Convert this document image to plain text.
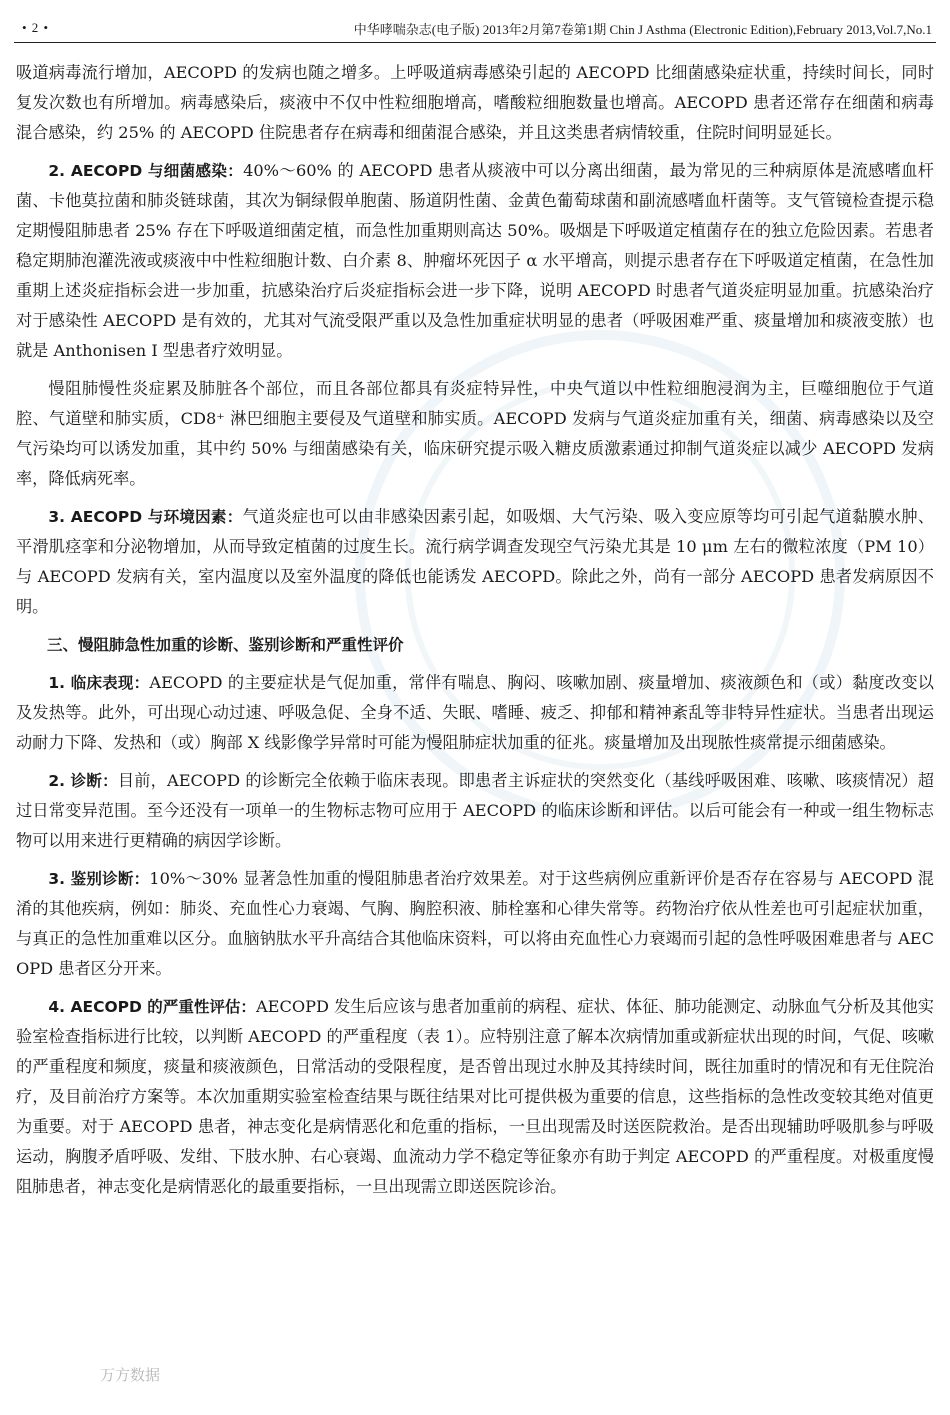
• 2 •	中华哮喘杂志(电子版) 2013年2月第7卷第1期 Chin J Asthma (Electronic Edition),February 2013,Vol.7,No.1

吸道病毒流行增加，AECOPD 的发病也随之增多。上呼吸道病毒感染引起的 AECOPD 比细菌感染症状重，持续时间长，同时复发次数也有所增加。病毒感染后，痰液中不仅中性粒细胞增高，嗜酸粒细胞数量也增高。AECOPD 患者还常存在细菌和病毒混合感染，约 25% 的 AECOPD 住院患者存在病毒和细菌混合感染，并且这类患者病情较重，住院时间明显延长。

2. AECOPD 与细菌感染：40%～60% 的 AECOPD 患者从痰液中可以分离出细菌，最为常见的三种病原体是流感嗜血杆菌、卡他莫拉菌和肺炎链球菌，其次为铜绿假单胞菌、肠道阴性菌、金黄色葡萄球菌和副流感嗜血杆菌等。支气管镜检查提示稳定期慢阻肺患者 25% 存在下呼吸道细菌定植，而急性加重期则高达 50%。吸烟是下呼吸道定植菌存在的独立危险因素。若患者稳定期肺泡灌洗液或痰液中中性粒细胞计数、白介素 8、肿瘤坏死因子 α 水平增高，则提示患者存在下呼吸道定植菌，在急性加重期上述炎症指标会进一步加重，抗感染治疗后炎症指标会进一步下降，说明 AECOPD 时患者气道炎症明显加重。抗感染治疗对于感染性 AECOPD 是有效的，尤其对气流受限严重以及急性加重症状明显的患者（呼吸困难严重、痰量增加和痰液变脓）也就是 Anthonisen Ⅰ 型患者疗效明显。

慢阻肺慢性炎症累及肺脏各个部位，而且各部位都具有炎症特异性，中央气道以中性粒细胞浸润为主，巨噬细胞位于气道腔、气道壁和肺实质，CD8⁺ 淋巴细胞主要侵及气道壁和肺实质。AECOPD 发病与气道炎症加重有关，细菌、病毒感染以及空气污染均可以诱发加重，其中约 50% 与细菌感染有关，临床研究提示吸入糖皮质激素通过抑制气道炎症以减少 AECOPD 发病率，降低病死率。

3. AECOPD 与环境因素：气道炎症也可以由非感染因素引起，如吸烟、大气污染、吸入变应原等均可引起气道黏膜水肿、平滑肌痉挛和分泌物增加，从而导致定植菌的过度生长。流行病学调查发现空气污染尤其是 10 μm 左右的微粒浓度（PM 10）与 AECOPD 发病有关，室内温度以及室外温度的降低也能诱发 AECOPD。除此之外，尚有一部分 AECOPD 患者发病原因不明。

三、慢阻肺急性加重的诊断、鉴别诊断和严重性评价

1. 临床表现：AECOPD 的主要症状是气促加重，常伴有喘息、胸闷、咳嗽加剧、痰量增加、痰液颜色和（或）黏度改变以及发热等。此外，可出现心动过速、呼吸急促、全身不适、失眠、嗜睡、疲乏、抑郁和精神紊乱等非特异性症状。当患者出现运动耐力下降、发热和（或）胸部 X 线影像学异常时可能为慢阻肺症状加重的征兆。痰量增加及出现脓性痰常提示细菌感染。

2. 诊断：目前，AECOPD 的诊断完全依赖于临床表现。即患者主诉症状的突然变化（基线呼吸困难、咳嗽、咳痰情况）超过日常变异范围。至今还没有一项单一的生物标志物可应用于 AECOPD 的临床诊断和评估。以后可能会有一种或一组生物标志物可以用来进行更精确的病因学诊断。

3. 鉴别诊断：10%～30% 显著急性加重的慢阻肺患者治疗效果差。对于这些病例应重新评价是否存在容易与 AECOPD 混淆的其他疾病，例如：肺炎、充血性心力衰竭、气胸、胸腔积液、肺栓塞和心律失常等。药物治疗依从性差也可引起症状加重，与真正的急性加重难以区分。血脑钠肽水平升高结合其他临床资料，可以将由充血性心力衰竭而引起的急性呼吸困难患者与 AECOPD 患者区分开来。

4. AECOPD 的严重性评估：AECOPD 发生后应该与患者加重前的病程、症状、体征、肺功能测定、动脉血气分析及其他实验室检查指标进行比较，以判断 AECOPD 的严重程度（表 1）。应特别注意了解本次病情加重或新症状出现的时间，气促、咳嗽的严重程度和频度，痰量和痰液颜色，日常活动的受限程度，是否曾出现过水肿及其持续时间，既往加重时的情况和有无住院治疗，及目前治疗方案等。本次加重期实验室检查结果与既往结果对比可提供极为重要的信息，这些指标的急性改变较其绝对值更为重要。对于 AECOPD 患者，神志变化是病情恶化和危重的指标，一旦出现需及时送医院救治。是否出现辅助呼吸肌参与呼吸运动，胸腹矛盾呼吸、发绀、下肢水肿、右心衰竭、血流动力学不稳定等征象亦有助于判定 AECOPD 的严重程度。对极重度慢阻肺患者，神志变化是病情恶化的最重要指标，一旦出现需立即送医院诊治。

万方数据
